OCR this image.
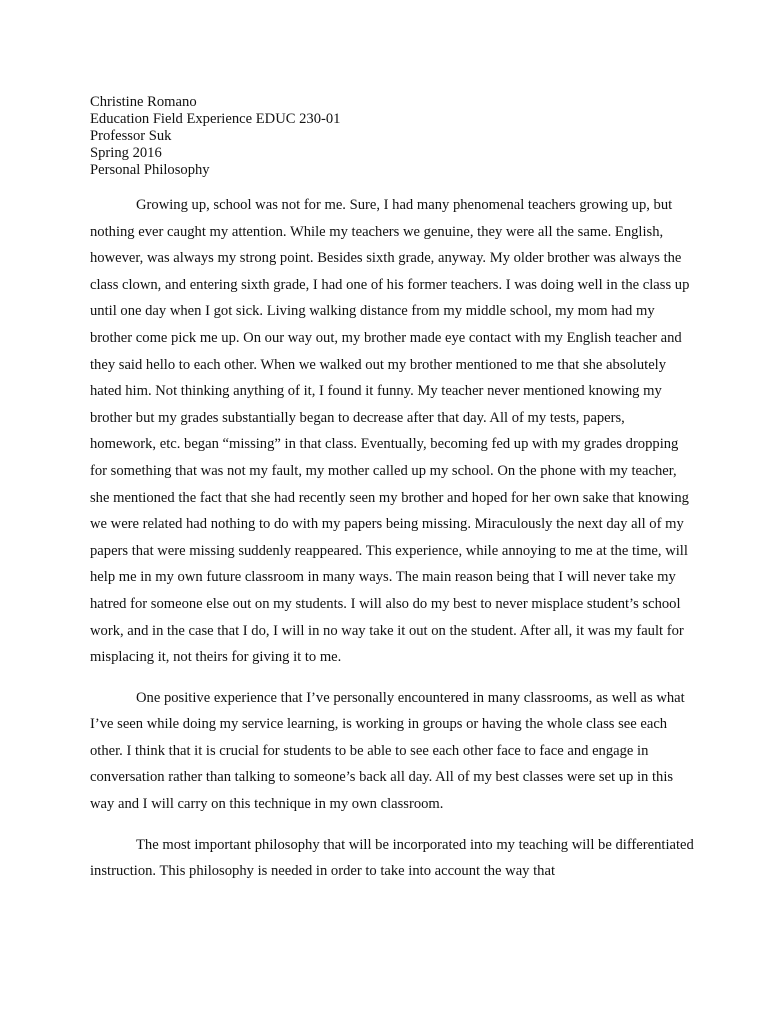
Christine Romano
Education Field Experience EDUC 230-01
Professor Suk
Spring 2016
Personal Philosophy

Growing up, school was not for me. Sure, I had many phenomenal teachers growing up, but nothing ever caught my attention. While my teachers we genuine, they were all the same. English, however, was always my strong point. Besides sixth grade, anyway. My older brother was always the class clown, and entering sixth grade, I had one of his former teachers. I was doing well in the class up until one day when I got sick. Living walking distance from my middle school, my mom had my brother come pick me up. On our way out, my brother made eye contact with my English teacher and they said hello to each other. When we walked out my brother mentioned to me that she absolutely hated him. Not thinking anything of it, I found it funny. My teacher never mentioned knowing my brother but my grades substantially began to decrease after that day. All of my tests, papers, homework, etc. began “missing” in that class. Eventually, becoming fed up with my grades dropping for something that was not my fault, my mother called up my school. On the phone with my teacher, she mentioned the fact that she had recently seen my brother and hoped for her own sake that knowing we were related had nothing to do with my papers being missing. Miraculously the next day all of my papers that were missing suddenly reappeared. This experience, while annoying to me at the time, will help me in my own future classroom in many ways. The main reason being that I will never take my hatred for someone else out on my students. I will also do my best to never misplace student’s school work, and in the case that I do, I will in no way take it out on the student. After all, it was my fault for misplacing it, not theirs for giving it to me.

One positive experience that I’ve personally encountered in many classrooms, as well as what I’ve seen while doing my service learning, is working in groups or having the whole class see each other. I think that it is crucial for students to be able to see each other face to face and engage in conversation rather than talking to someone’s back all day. All of my best classes were set up in this way and I will carry on this technique in my own classroom.

The most important philosophy that will be incorporated into my teaching will be differentiated instruction. This philosophy is needed in order to take into account the way that
